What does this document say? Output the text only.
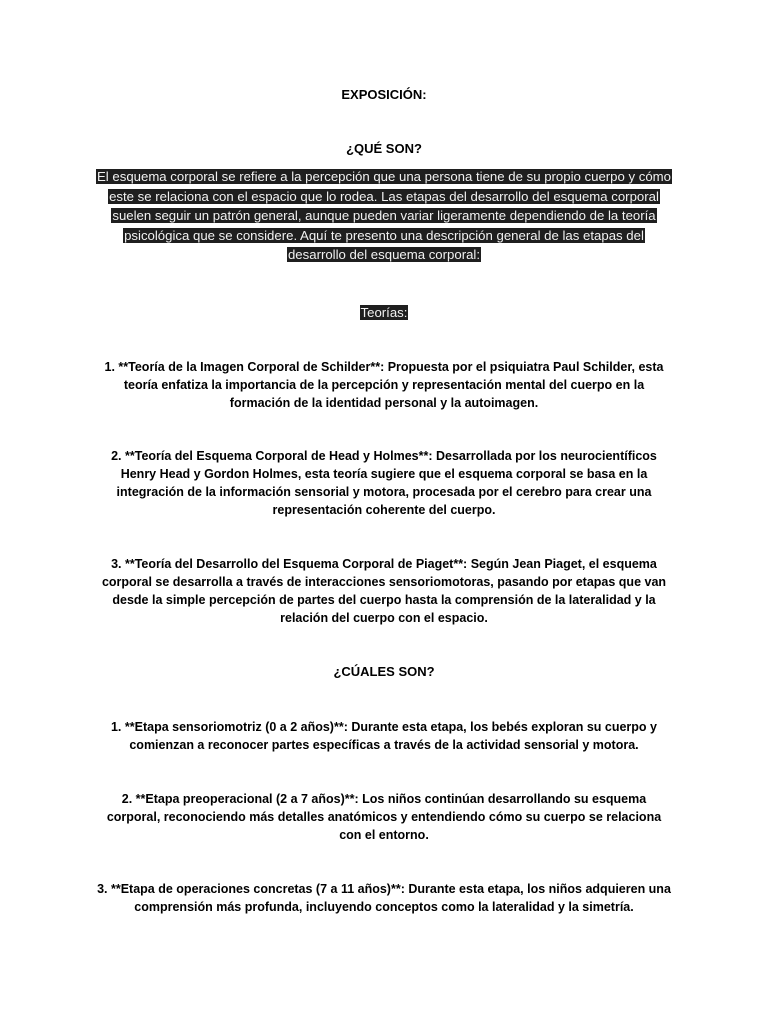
EXPOSICIÓN:

¿QUÉ SON?

El esquema corporal se refiere a la percepción que una persona tiene de su propio cuerpo y cómo este se relaciona con el espacio que lo rodea. Las etapas del desarrollo del esquema corporal suelen seguir un patrón general, aunque pueden variar ligeramente dependiendo de la teoría psicológica que se considere. Aquí te presento una descripción general de las etapas del desarrollo del esquema corporal:

Teorías:

1. **Teoría de la Imagen Corporal de Schilder**: Propuesta por el psiquiatra Paul Schilder, esta teoría enfatiza la importancia de la percepción y representación mental del cuerpo en la formación de la identidad personal y la autoimagen.

2. **Teoría del Esquema Corporal de Head y Holmes**: Desarrollada por los neurocientíficos Henry Head y Gordon Holmes, esta teoría sugiere que el esquema corporal se basa en la integración de la información sensorial y motora, procesada por el cerebro para crear una representación coherente del cuerpo.

3. **Teoría del Desarrollo del Esquema Corporal de Piaget**: Según Jean Piaget, el esquema corporal se desarrolla a través de interacciones sensoriomotoras, pasando por etapas que van desde la simple percepción de partes del cuerpo hasta la comprensión de la lateralidad y la relación del cuerpo con el espacio.

¿CÚALES SON?

1. **Etapa sensoriomotriz (0 a 2 años)**: Durante esta etapa, los bebés exploran su cuerpo y comienzan a reconocer partes específicas a través de la actividad sensorial y motora.

2. **Etapa preoperacional (2 a 7 años)**: Los niños continúan desarrollando su esquema corporal, reconociendo más detalles anatómicos y entendiendo cómo su cuerpo se relaciona con el entorno.

3. **Etapa de operaciones concretas (7 a 11 años)**: Durante esta etapa, los niños adquieren una comprensión más profunda, incluyendo conceptos como la lateralidad y la simetría.
